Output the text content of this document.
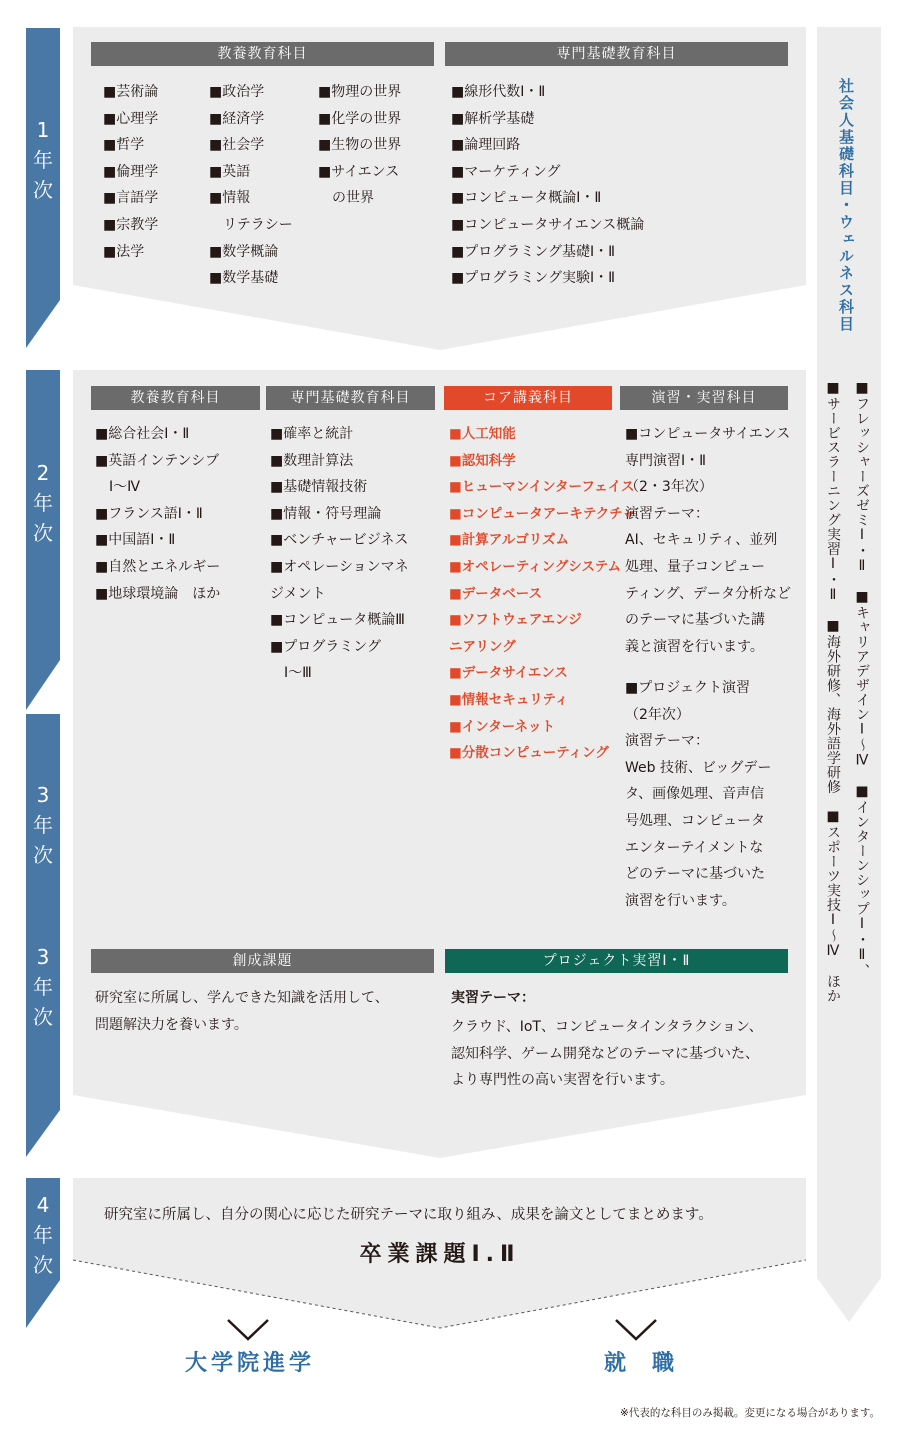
1
年
次
2
年
次
3
年
次
3
年
次
4
年
次
教養教育科目	専門基礎教育科目
■芸術論
■心理学
■哲学
■倫理学
■言語学
■宗教学
■法学
■政治学
■経済学
■社会学
■英語
■情報
　リテラシー
■数学概論
■数学基礎
■物理の世界
■化学の世界
■生物の世界
■サイエンス
　の世界
■線形代数Ⅰ・Ⅱ
■解析学基礎
■論理回路
■マーケティング
■コンピュータ概論Ⅰ・Ⅱ
■コンピュータサイエンス概論
■プログラミング基礎Ⅰ・Ⅱ
■プログラミング実験Ⅰ・Ⅱ
教養教育科目	専門基礎教育科目	コア講義科目	演習・実習科目
■総合社会Ⅰ・Ⅱ
■英語インテンシブ
　Ⅰ～Ⅳ
■フランス語Ⅰ・Ⅱ
■中国語Ⅰ・Ⅱ
■自然とエネルギー
■地球環境論　ほか
■確率と統計
■数理計算法
■基礎情報技術
■情報・符号理論
■ベンチャービジネス
■オペレーションマネ
ジメント
■コンピュータ概論Ⅲ
■プログラミング
　Ⅰ～Ⅲ
■人工知能
■認知科学
■ヒューマンインターフェイス
■コンピュータアーキテクチャ
■計算アルゴリズム
■オペレーティングシステム
■データベース
■ソフトウェアエンジ
ニアリング
■データサイエンス
■情報セキュリティ
■インターネット
■分散コンピューティング
■コンピュータサイエンス
専門演習Ⅰ・Ⅱ
（2・3年次）
演習テーマ：
AI、セキュリティ、並列
処理、量子コンピュー
ティング、データ分析など
のテーマに基づいた講
義と演習を行います。
■プロジェクト演習
（2年次）
演習テーマ：
Web 技術、ビッグデー
タ、画像処理、音声信
号処理、コンピュータ
エンターテイメントな
どのテーマに基づいた
演習を行います。
創成課題	プロジェクト実習Ⅰ・Ⅱ
研究室に所属し、学んできた知識を活用して、
問題解決力を養います。
実習テーマ：
クラウド、IoT、コンピュータインタラクション、
認知科学、ゲーム開発などのテーマに基づいた、
より専門性の高い実習を行います。
研究室に所属し、自分の関心に応じた研究テーマに取り組み、成果を論文としてまとめます。
卒業課題Ⅰ.Ⅱ
大学院進学	就　職
社会人基礎科目・ウェルネス科目
■フレッシャーズゼミⅠ・Ⅱ　■キャリアデザインⅠ～Ⅳ　■インターンシップⅠ・Ⅱ、
■サービスラーニング実習Ⅰ・Ⅱ　■海外研修、海外語学研修　■スポーツ実技Ⅰ～Ⅳ　ほか
※代表的な科目のみ掲載。変更になる場合があります。
